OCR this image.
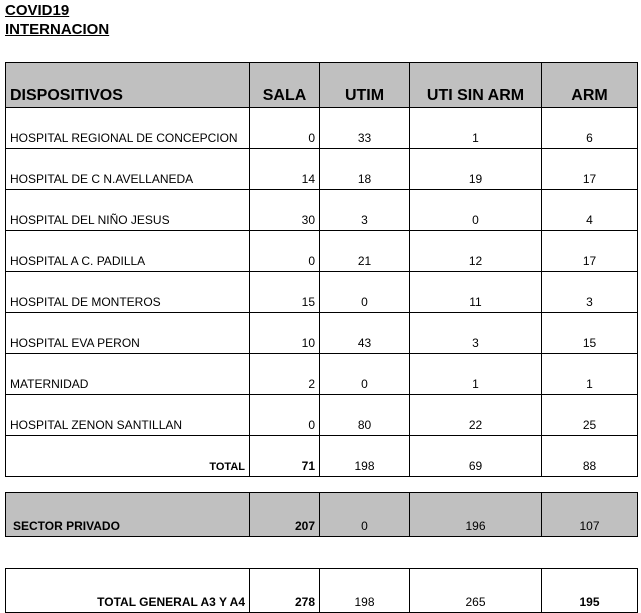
COVID19
INTERNACION
DISPOSITIVOS	SALA	UTIM	UTI SIN ARM	ARM
HOSPITAL REGIONAL DE CONCEPCION	0	33	1	6
HOSPITAL DE C N.AVELLANEDA	14	18	19	17
HOSPITAL DEL NIÑO JESUS	30	3	0	4
HOSPITAL A C. PADILLA	0	21	12	17
HOSPITAL DE MONTEROS	15	0	11	3
HOSPITAL EVA PERON	10	43	3	15
MATERNIDAD	2	0	1	1
HOSPITAL ZENON SANTILLAN	0	80	22	25
TOTAL	71	198	69	88
SECTOR PRIVADO	207	0	196	107
TOTAL GENERAL A3 Y A4	278	198	265	195
